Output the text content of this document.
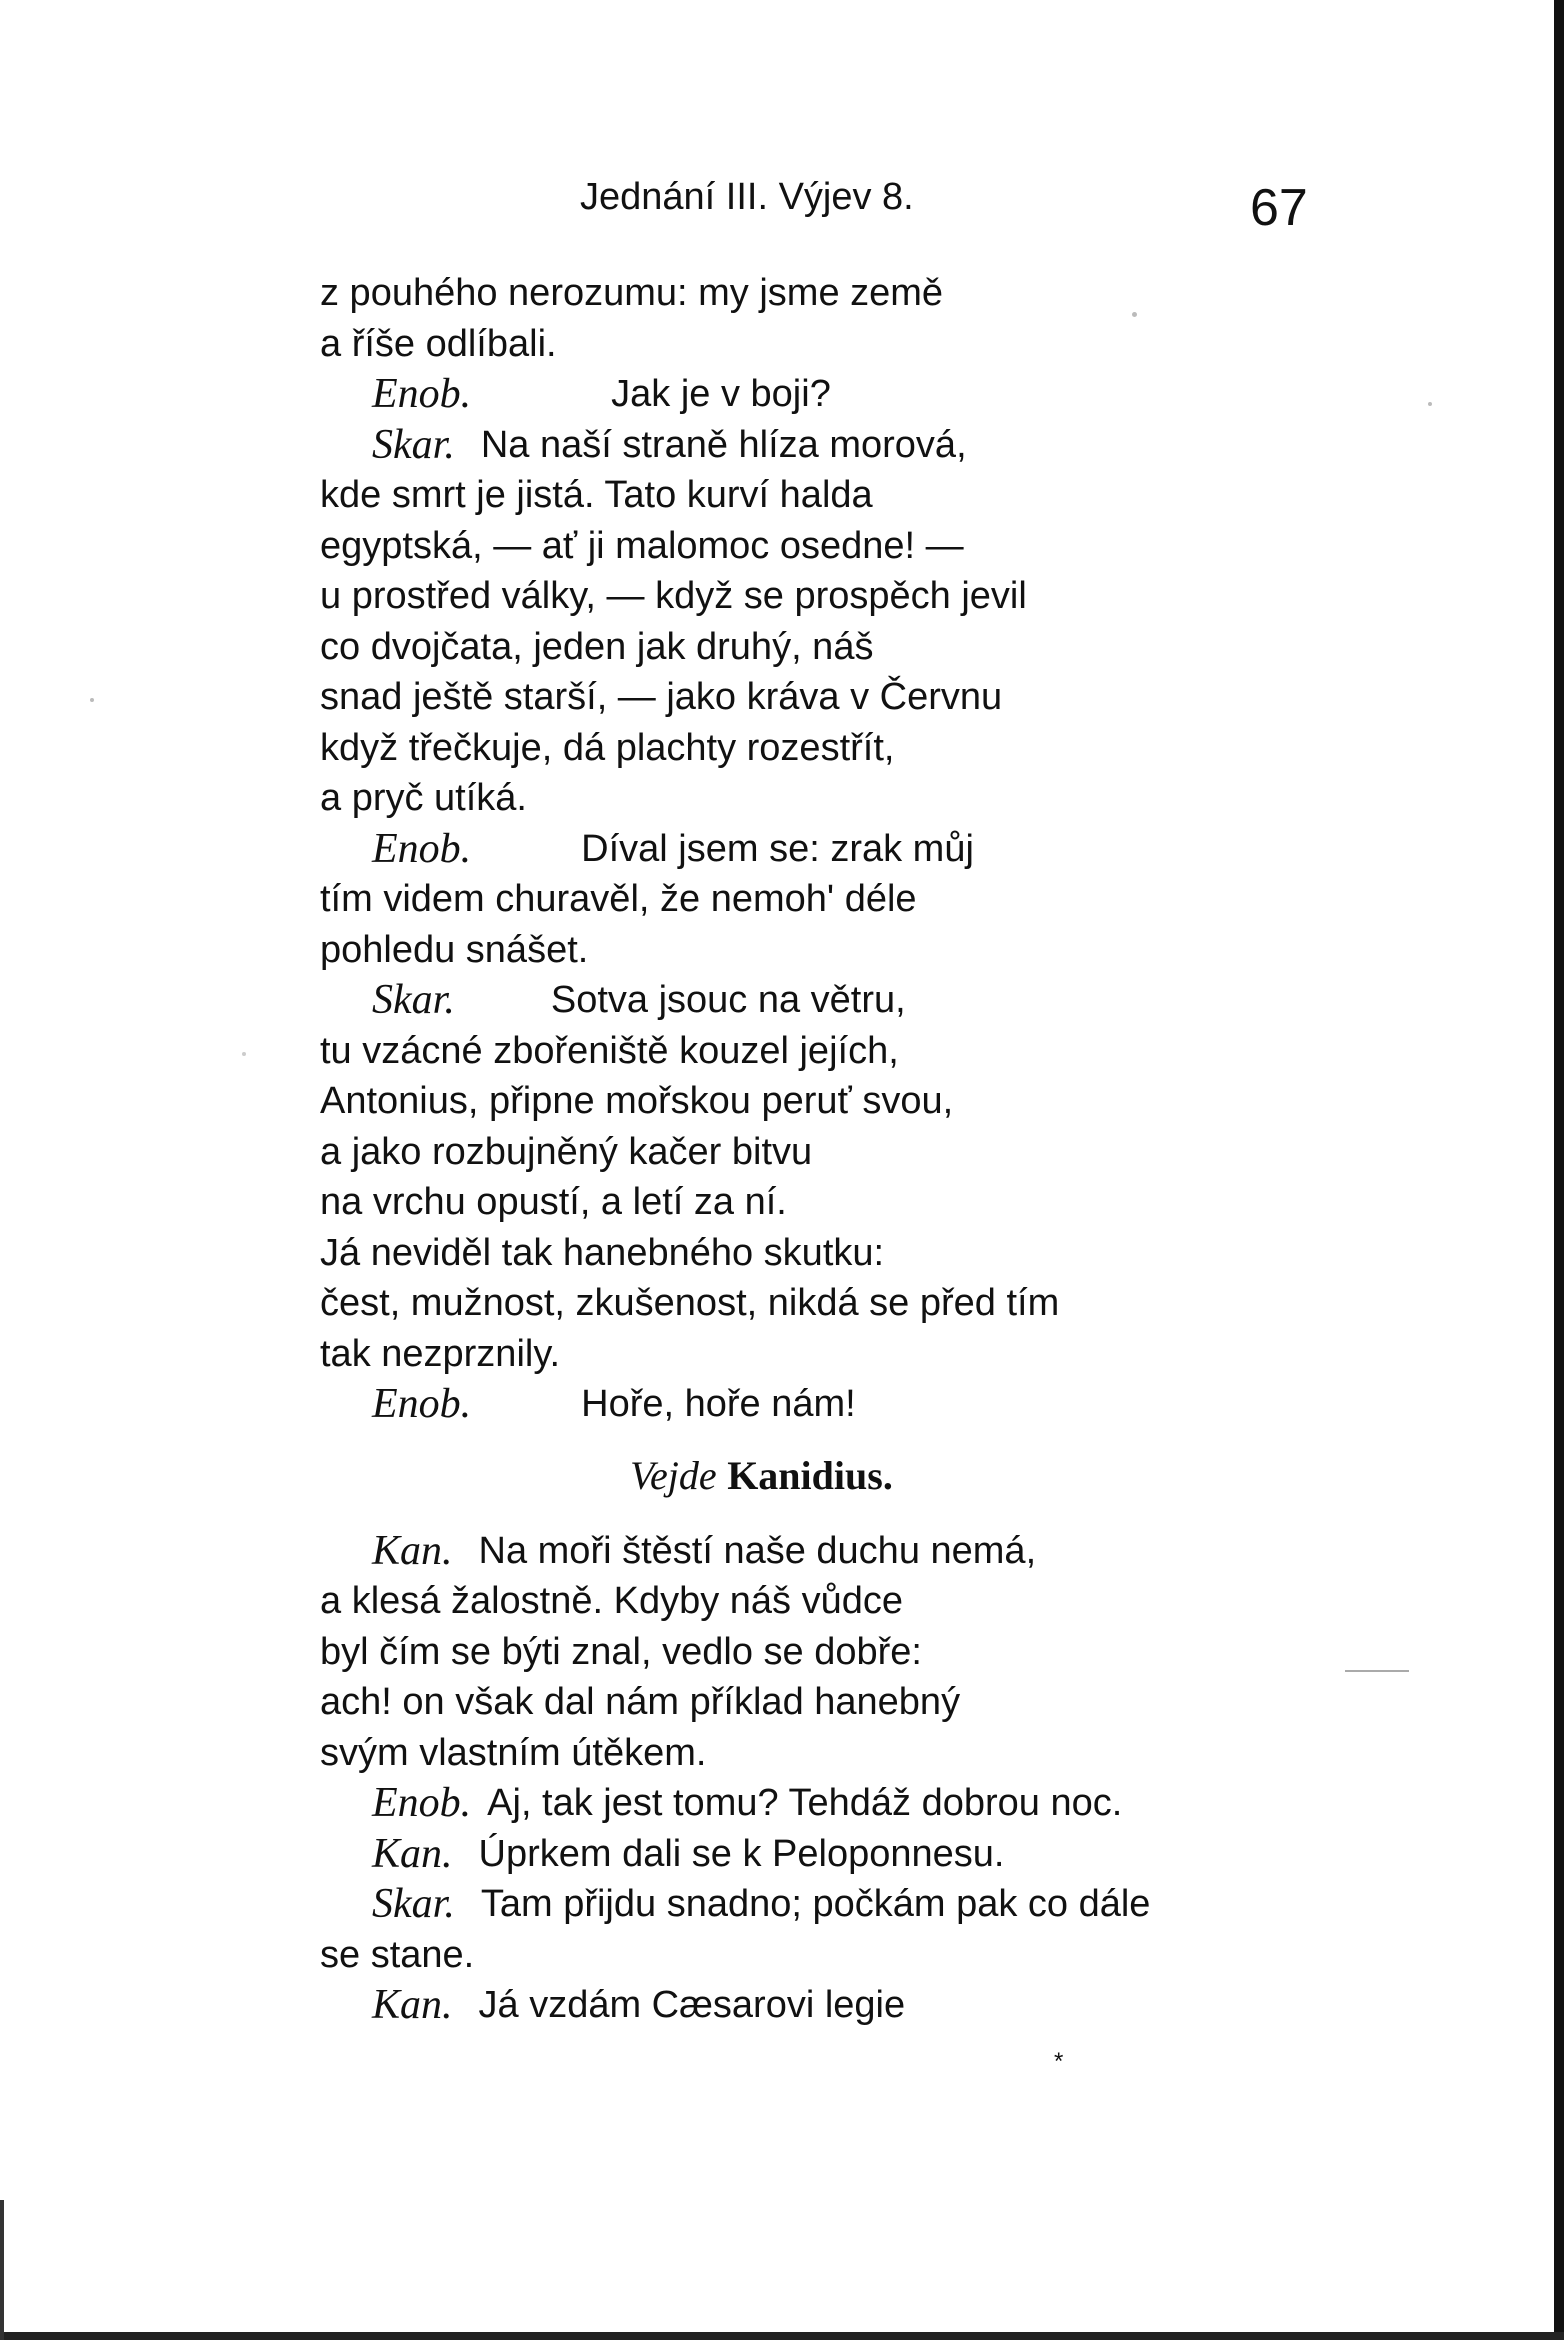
Jednání III. Výjev 8.	67
z pouhého nerozumu: my jsme země
a říše odlíbali.
Enob.	Jak je v boji?
Skar. Na naší straně hlíza morová,
kde smrt je jistá. Tato kurví halda
egyptská, — ať ji malomoc osedne! —
u prostřed války, — když se prospěch jevil
co dvojčata, jeden jak druhý, náš
snad ještě starší, — jako kráva v Červnu
když třečkuje, dá plachty rozestřít,
a pryč utíká.
Enob.	Díval jsem se: zrak můj
tím videm churavěl, že nemoh' déle
pohledu snášet.
Skar.	Sotva jsouc na větru,
tu vzácné zbořeniště kouzel jejích,
Antonius, připne mořskou peruť svou,
a jako rozbujněný kačer bitvu
na vrchu opustí, a letí za ní.
Já neviděl tak hanebného skutku:
čest, mužnost, zkušenost, nikdá se před tím
tak nezprznily.
Enob.	Hoře, hoře nám!
Vejde Kanidius.
Kan. Na moři štěstí naše duchu nemá,
a klesá žalostně. Kdyby náš vůdce
byl čím se býti znal, vedlo se dobře:
ach! on však dal nám příklad hanebný
svým vlastním útěkem.
Enob. Aj, tak jest tomu? Tehdáž dobrou noc.
Kan. Úprkem dali se k Peloponnesu.
Skar. Tam přijdu snadno; počkám pak co dále
se stane.
Kan. Já vzdám Cæsarovi legie
*
